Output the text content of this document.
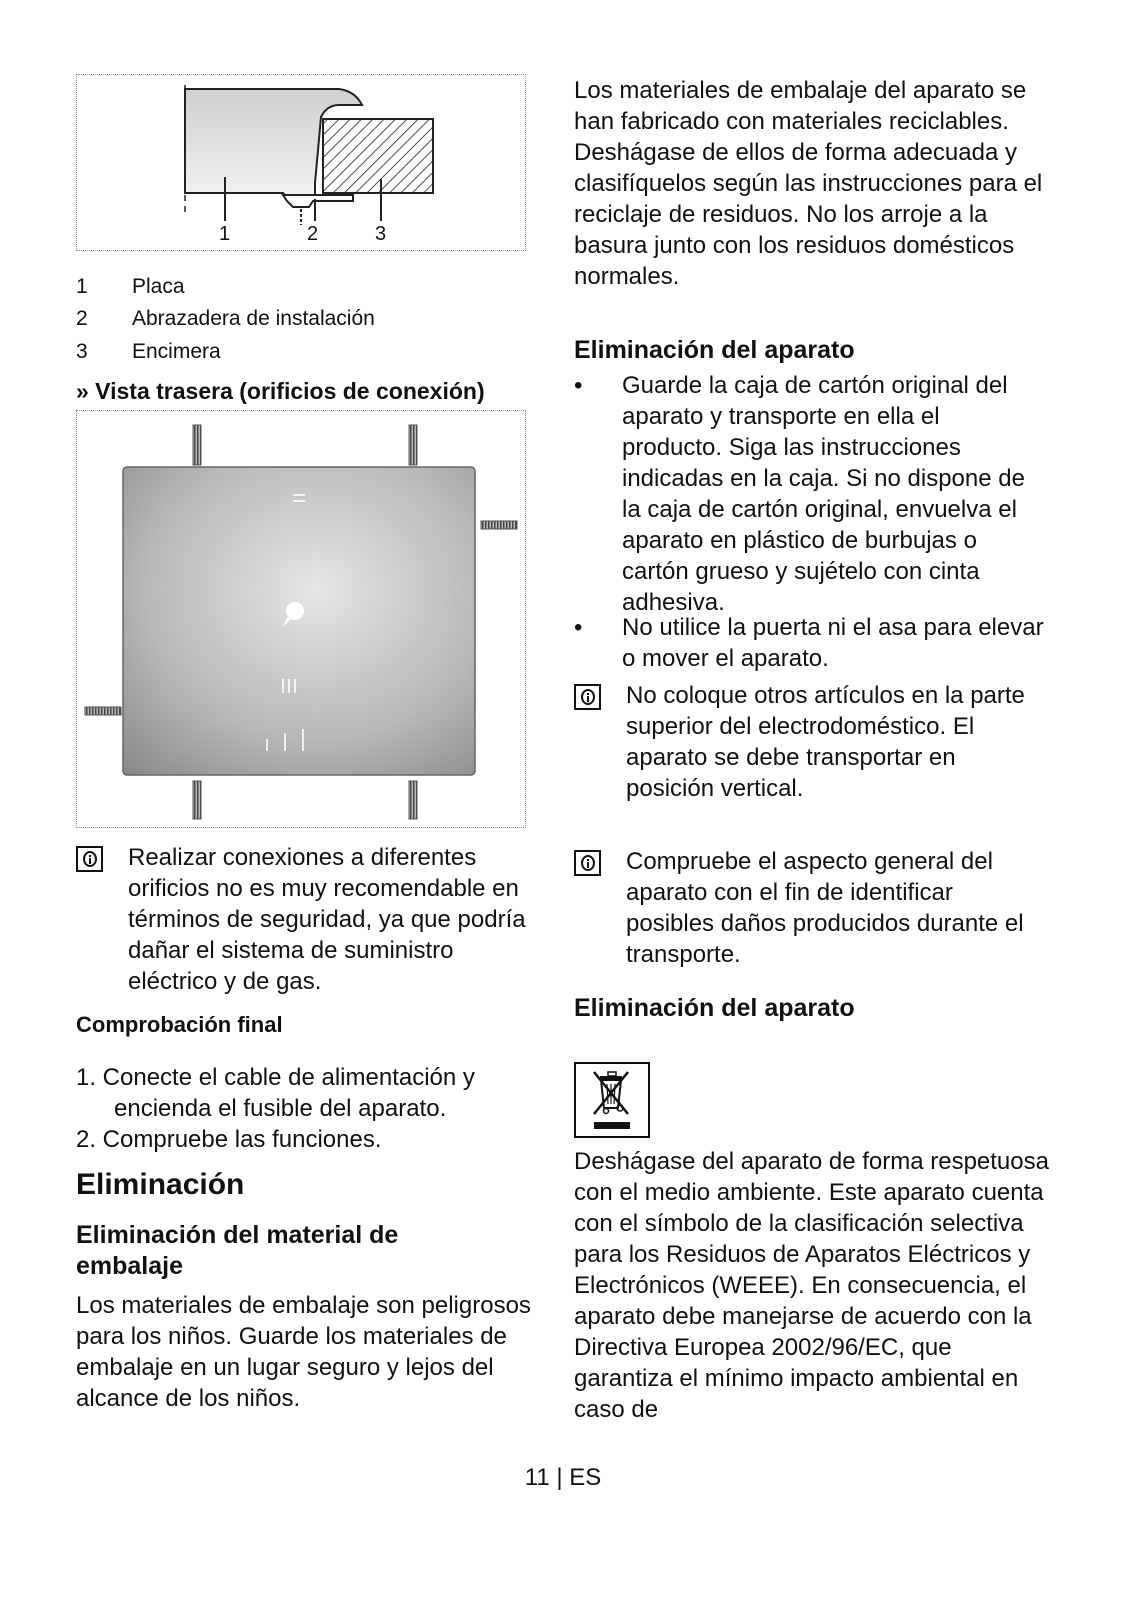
1	2	3
1	Placa
2	Abrazadera de instalación
3	Encimera
» Vista trasera (orificios de conexión)
Realizar conexiones a diferentes orificios no es muy recomendable en términos de seguridad, ya que podría dañar el sistema de suministro eléctrico y de gas.
Comprobación final
1. Conecte el cable de alimentación y encienda el fusible del aparato.
2. Compruebe las funciones.
Eliminación
Eliminación del material de embalaje
Los materiales de embalaje son peligrosos para los niños. Guarde los materiales de embalaje en un lugar seguro y lejos del alcance de los niños.
Los materiales de embalaje del aparato se han fabricado con materiales reciclables. Deshágase de ellos de forma adecuada y clasifíquelos según las instrucciones para el reciclaje de residuos. No los arroje a la basura junto con los residuos domésticos normales.
Eliminación del aparato
• Guarde la caja de cartón original del aparato y transporte en ella el producto. Siga las instrucciones indicadas en la caja. Si no dispone de la caja de cartón original, envuelva el aparato en plástico de burbujas o cartón grueso y sujételo con cinta adhesiva.
• No utilice la puerta ni el asa para elevar o mover el aparato.
No coloque otros artículos en la parte superior del electrodoméstico. El aparato se debe transportar en posición vertical.
Compruebe el aspecto general del aparato con el fin de identificar posibles daños producidos durante el transporte.
Eliminación del aparato
Deshágase del aparato de forma respetuosa con el medio ambiente. Este aparato cuenta con el símbolo de la clasificación selectiva para los Residuos de Aparatos Eléctricos y Electrónicos (WEEE). En consecuencia, el aparato debe manejarse de acuerdo con la Directiva Europea 2002/96/EC, que garantiza el mínimo impacto ambiental en caso de
11 | ES
